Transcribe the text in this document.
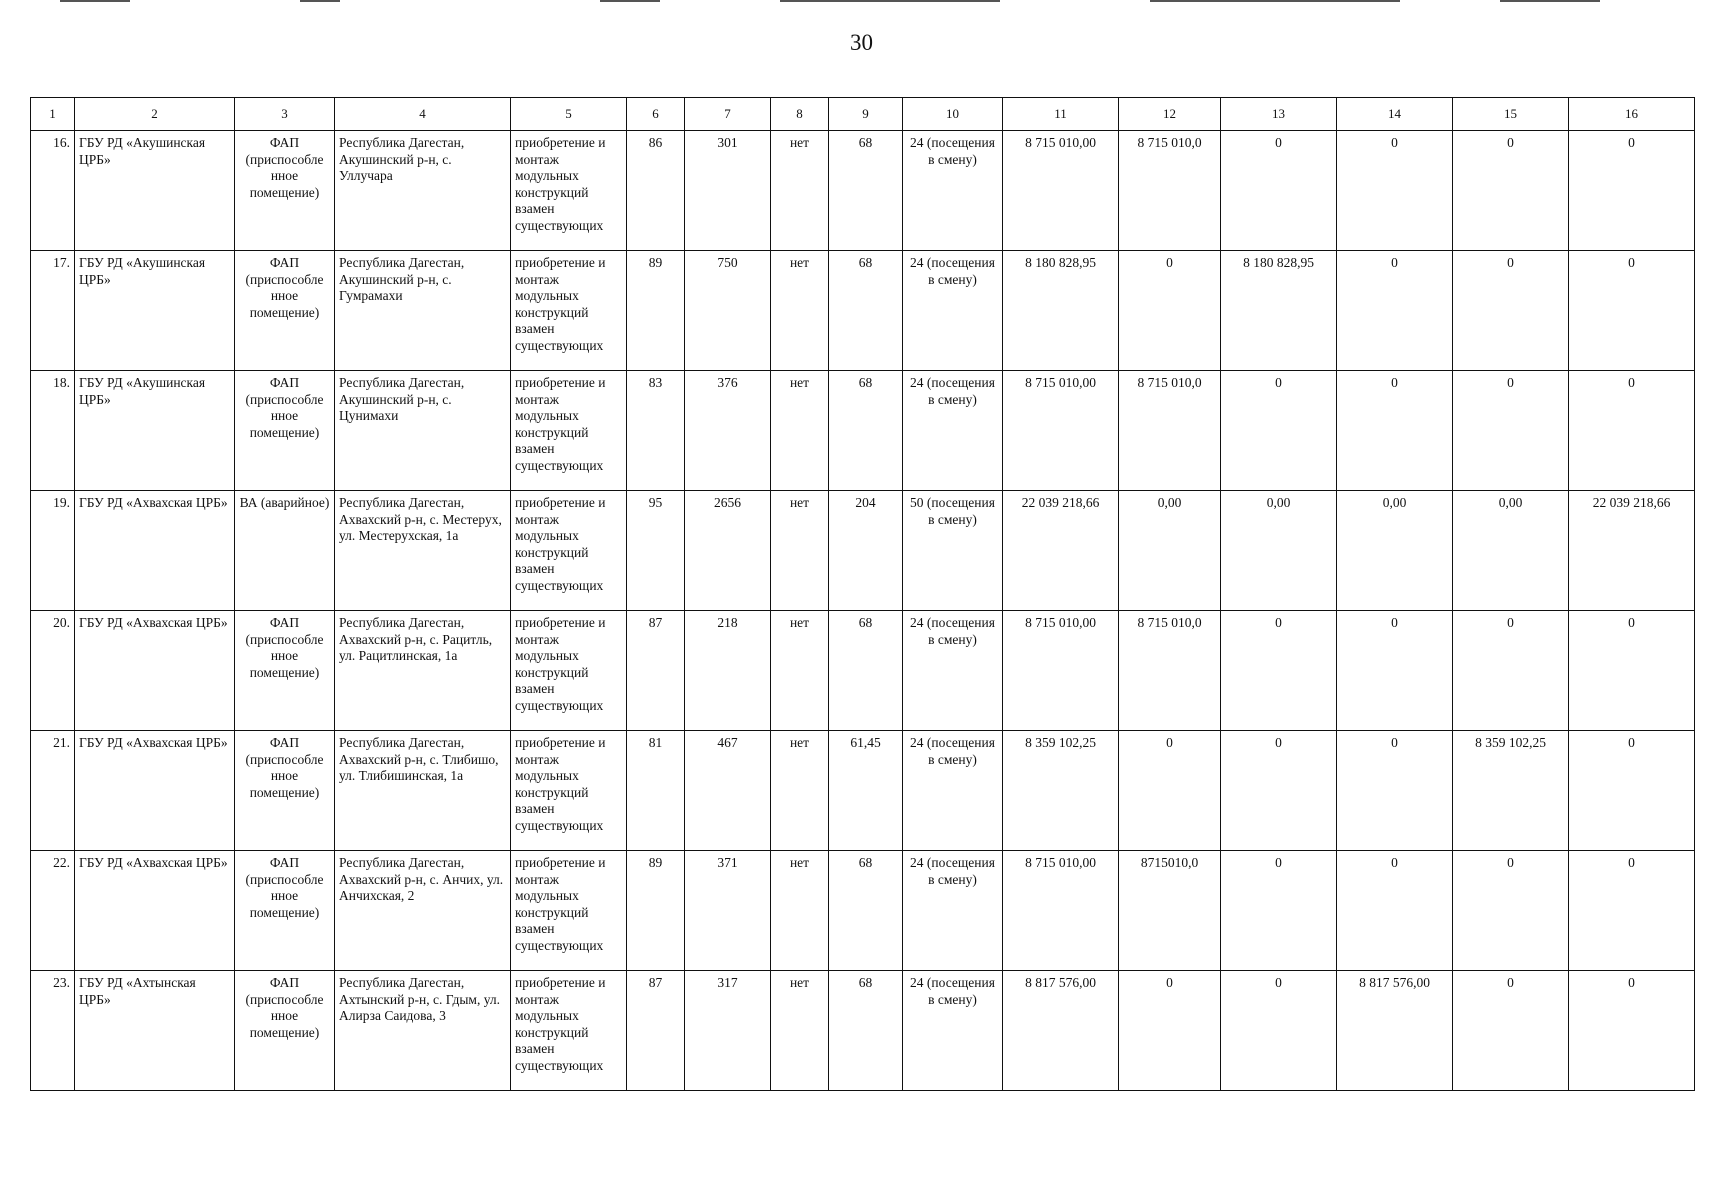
30
1	2	3	4	5	6	7	8	9	10	11	12	13	14	15	16
16.	ГБУ РД «Акушинская ЦРБ»	ФАП (приспособле нное помещение)	Республика Дагестан, Акушинский р-н, с. Уллучара	приобретение и монтаж модульных конструкций взамен существующих	86	301	нет	68	24 (посещения в смену)	8 715 010,00	8 715 010,0	0	0	0	0
17.	ГБУ РД «Акушинская ЦРБ»	ФАП (приспособле нное помещение)	Республика Дагестан, Акушинский р-н, с. Гумрамахи	приобретение и монтаж модульных конструкций взамен существующих	89	750	нет	68	24 (посещения в смену)	8 180 828,95	0	8 180 828,95	0	0	0
18.	ГБУ РД «Акушинская ЦРБ»	ФАП (приспособле нное помещение)	Республика Дагестан, Акушинский р-н, с. Цунимахи	приобретение и монтаж модульных конструкций взамен существующих	83	376	нет	68	24 (посещения в смену)	8 715 010,00	8 715 010,0	0	0	0	0
19.	ГБУ РД «Ахвахская ЦРБ»	ВА (аварийное)	Республика Дагестан, Ахвахский р-н, с. Местерух, ул. Местерухская, 1а	приобретение и монтаж модульных конструкций взамен существующих	95	2656	нет	204	50 (посещения в смену)	22 039 218,66	0,00	0,00	0,00	0,00	22 039 218,66
20.	ГБУ РД «Ахвахская ЦРБ»	ФАП (приспособле нное помещение)	Республика Дагестан, Ахвахский р-н, с. Рацитль, ул. Рацитлинская, 1а	приобретение и монтаж модульных конструкций взамен существующих	87	218	нет	68	24 (посещения в смену)	8 715 010,00	8 715 010,0	0	0	0	0
21.	ГБУ РД «Ахвахская ЦРБ»	ФАП (приспособле нное помещение)	Республика Дагестан, Ахвахский р-н, с. Тлибишо, ул. Тлибишинская, 1а	приобретение и монтаж модульных конструкций взамен существующих	81	467	нет	61,45	24 (посещения в смену)	8 359 102,25	0	0	0	8 359 102,25	0
22.	ГБУ РД «Ахвахская ЦРБ»	ФАП (приспособле нное помещение)	Республика Дагестан, Ахвахский р-н, с. Анчих, ул. Анчихская, 2	приобретение и монтаж модульных конструкций взамен существующих	89	371	нет	68	24 (посещения в смену)	8 715 010,00	8715010,0	0	0	0	0
23.	ГБУ РД «Ахтынская ЦРБ»	ФАП (приспособле нное помещение)	Республика Дагестан, Ахтынский р-н, с. Гдым, ул. Алирза Саидова, 3	приобретение и монтаж модульных конструкций взамен существующих	87	317	нет	68	24 (посещения в смену)	8 817 576,00	0	0	8 817 576,00	0	0
